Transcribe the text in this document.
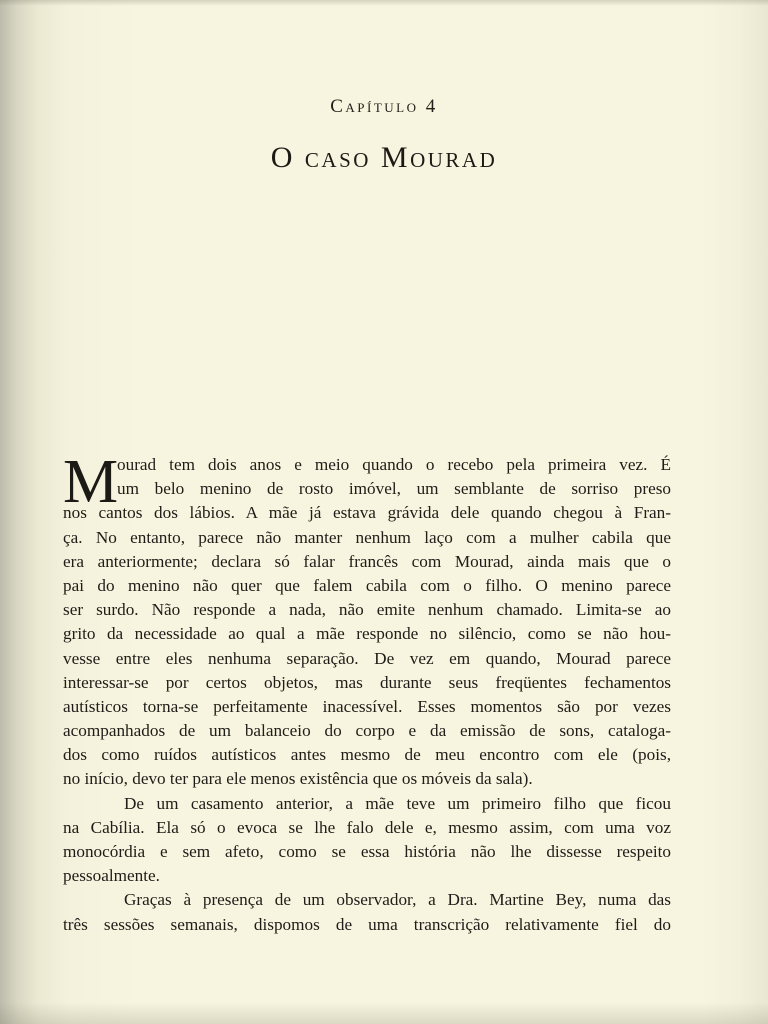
Capítulo 4
O caso Mourad
M
ourad tem dois anos e meio quando o recebo pela primeira vez. É
um belo menino de rosto imóvel, um semblante de sorriso preso
nos cantos dos lábios. A mãe já estava grávida dele quando chegou à Fran-
ça. No entanto, parece não manter nenhum laço com a mulher cabila que
era anteriormente; declara só falar francês com Mourad, ainda mais que o
pai do menino não quer que falem cabila com o filho. O menino parece
ser surdo. Não responde a nada, não emite nenhum chamado. Limita-se ao
grito da necessidade ao qual a mãe responde no silêncio, como se não hou-
vesse entre eles nenhuma separação. De vez em quando, Mourad parece
interessar-se por certos objetos, mas durante seus freqüentes fechamentos
autísticos torna-se perfeitamente inacessível. Esses momentos são por vezes
acompanhados de um balanceio do corpo e da emissão de sons, cataloga-
dos como ruídos autísticos antes mesmo de meu encontro com ele (pois,
no início, devo ter para ele menos existência que os móveis da sala).
De um casamento anterior, a mãe teve um primeiro filho que ficou
na Cabília. Ela só o evoca se lhe falo dele e, mesmo assim, com uma voz
monocórdia e sem afeto, como se essa história não lhe dissesse respeito
pessoalmente.
Graças à presença de um observador, a Dra. Martine Bey, numa das
três sessões semanais, dispomos de uma transcrição relativamente fiel do
